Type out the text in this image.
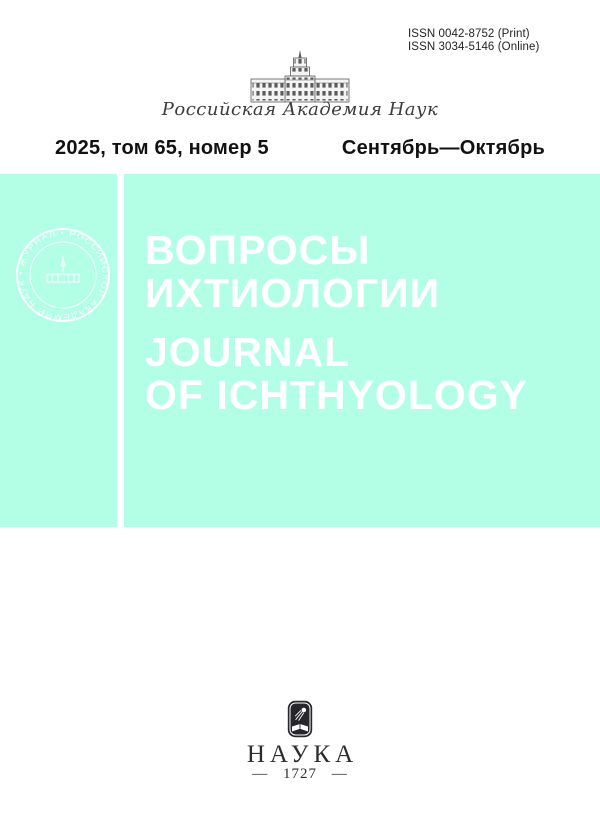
ISSN 0042-8752 (Print)
ISSN 3034-5146 (Online)
Российская Академия Наук
2025, том 65, номер 5	Сентябрь—Октябрь
• ЖУРНАЛ • РОССИЙСКОЙ АКАДЕМИИ НАУК
ВОПРОСЫ
ИХТИОЛОГИИ
JOURNAL
OF ICHTHYOLOGY
НАУКА
— 1727 —
